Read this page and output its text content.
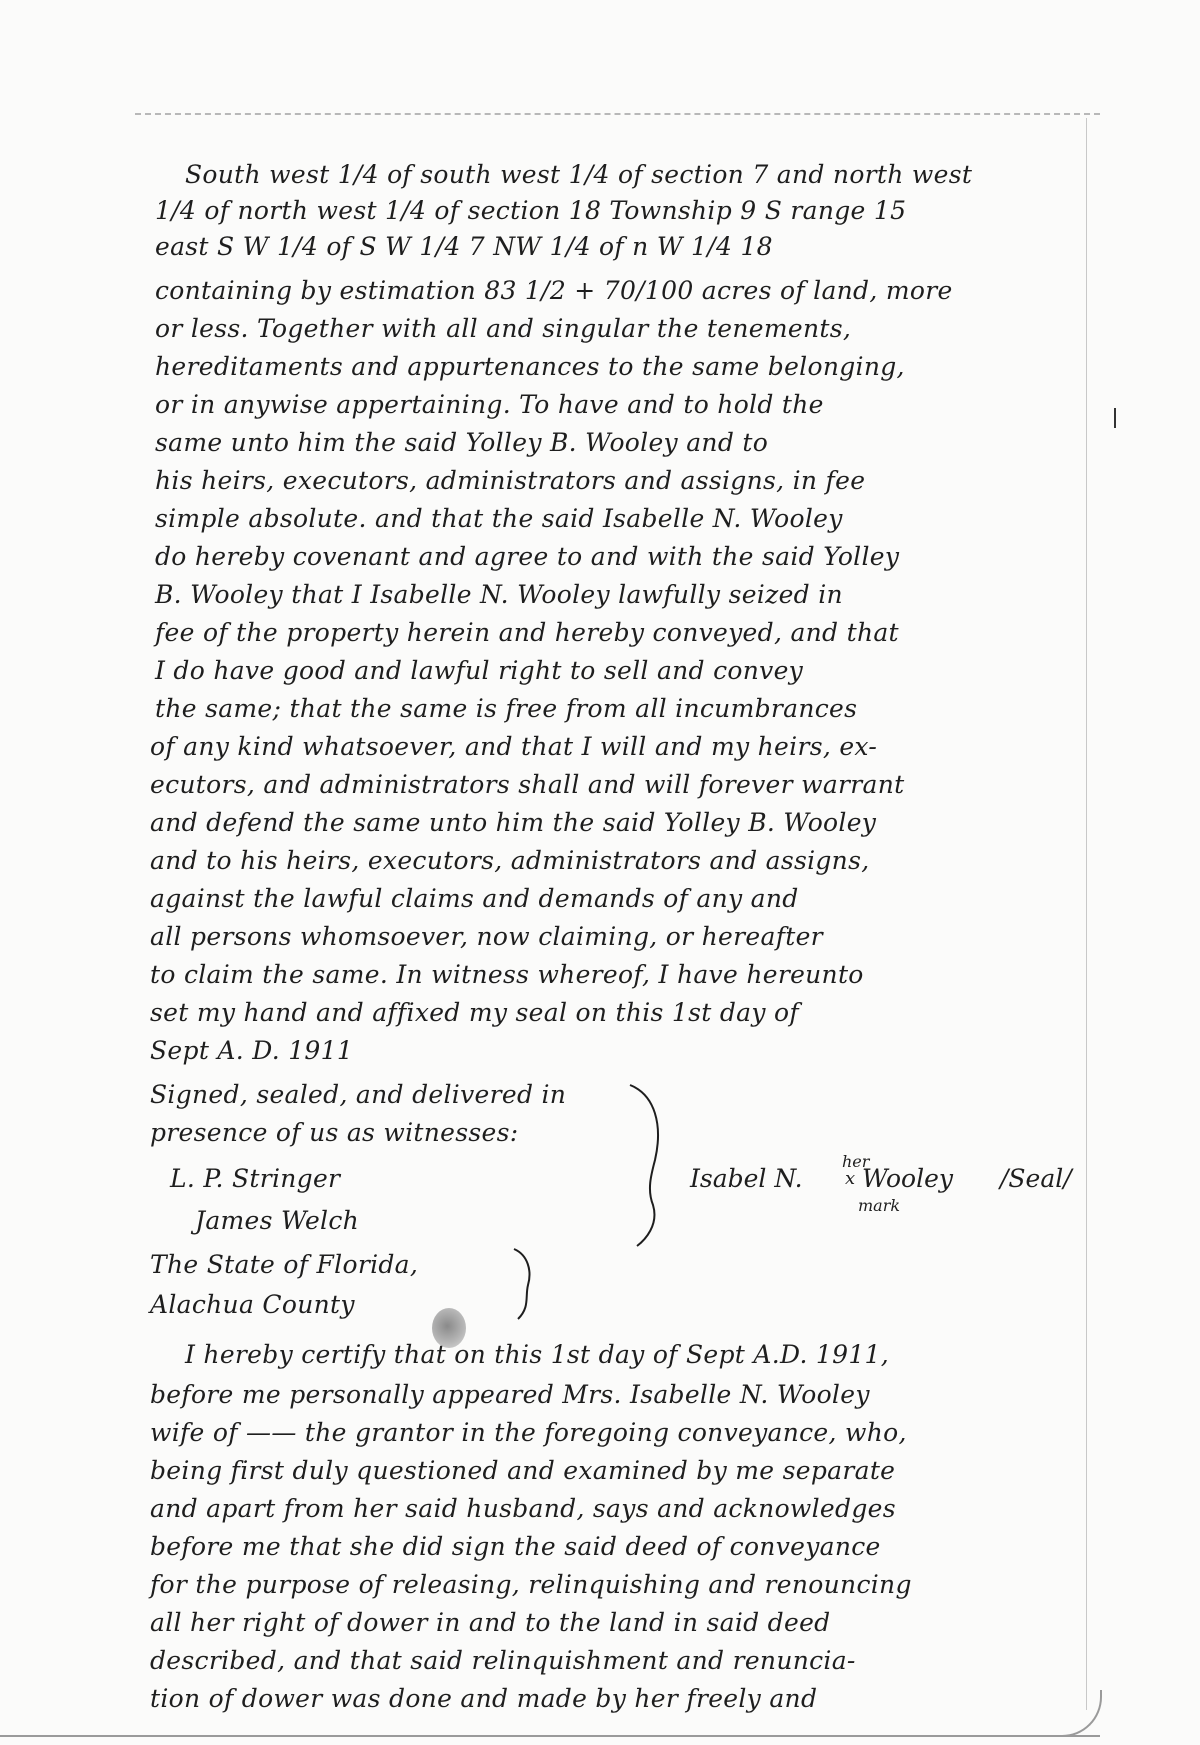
South west 1/4 of south west 1/4 of section 7 and north west

1/4 of north west 1/4 of section 18 Township 9 S range 15

east S W 1/4 of S W 1/4 7 NW 1/4 of n W 1/4 18

containing by estimation 83 1/2 + 70/100 acres of land, more

or less. Together with all and singular the tenements,

hereditaments and appurtenances to the same belonging,

or in anywise appertaining. To have and to hold the

same unto him the said Yolley B. Wooley and to

his heirs, executors, administrators and assigns, in fee

simple absolute. and that the said Isabelle N. Wooley

do hereby covenant and agree to and with the said Yolley

B. Wooley that I Isabelle N. Wooley lawfully seized in

fee of the property herein and hereby conveyed, and that

I do have good and lawful right to sell and convey

the same; that the same is free from all incumbrances

of any kind whatsoever, and that I will and my heirs, ex-

ecutors, and administrators shall and will forever warrant

and defend the same unto him the said Yolley B. Wooley

and to his heirs, executors, administrators and assigns,

against the lawful claims and demands of any and

all persons whomsoever, now claiming, or hereafter

to claim the same. In witness whereof, I have hereunto

set my hand and affixed my seal on this 1st day of

Sept A. D. 1911

Signed, sealed, and delivered in

presence of us as witnesses:

L. P. Stringer

James Welch

Isabel N.
her
x Wooley /Seal/
mark

The State of Florida,

Alachua County

I hereby certify that on this 1st day of Sept A.D. 1911,

before me personally appeared Mrs. Isabelle N. Wooley

wife of —— the grantor in the foregoing conveyance, who,

being first duly questioned and examined by me separate

and apart from her said husband, says and acknowledges

before me that she did sign the said deed of conveyance

for the purpose of releasing, relinquishing and renouncing

all her right of dower in and to the land in said deed

described, and that said relinquishment and renuncia-

tion of dower was done and made by her freely and
